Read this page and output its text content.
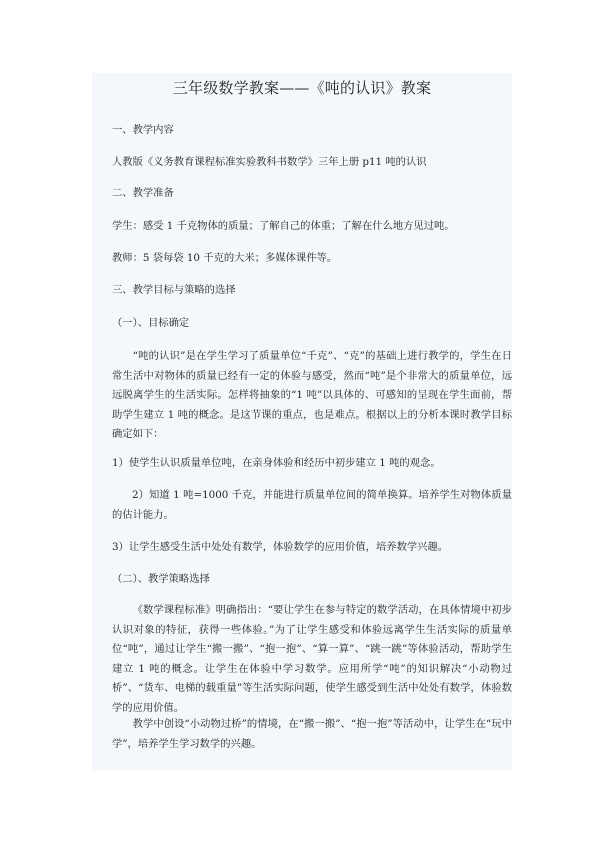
三年级数学教案——《吨的认识》教案
一、教学内容
人教版《义务教育课程标准实验教科书数学》三年上册 p11 吨的认识
二、教学准备
学生：感受 1 千克物体的质量；了解自己的体重；了解在什么地方见过吨。
教师：5 袋每袋 10 千克的大米；多媒体课件等。
三、教学目标与策略的选择
（一）、目标确定

“吨的认识”是在学生学习了质量单位“千克”、“克”的基础上进行教学的，学生在日常生活中对物体的质量已经有一定的体验与感受，然而“吨”是个非常大的质量单位，远远脱离学生的生活实际。怎样将抽象的“1 吨”以具体的、可感知的呈现在学生面前，帮助学生建立 1 吨的概念。是这节课的重点，也是难点。根据以上的分析本课时教学目标确定如下：

1）使学生认识质量单位吨，在亲身体验和经历中初步建立 1 吨的观念。

2）知道 1 吨=1000 千克，并能进行质量单位间的简单换算。培养学生对物体质量的估计能力。

3）让学生感受生活中处处有数学，体验数学的应用价值，培养数学兴趣。
（二）、教学策略选择

《数学课程标准》明确指出：“要让学生在参与特定的数学活动，在具体情境中初步认识对象的特征，获得一些体验。”为了让学生感受和体验远离学生生活实际的质量单位“吨”，通过让学生“搬一搬”、“抱一抱”、“算一算”、“跳一跳”等体验活动，帮助学生建立 1 吨的概念。让学生在体验中学习数学。应用所学“吨”的知识解决“小动物过桥”、“货车、电梯的载重量”等生活实际问题，使学生感受到生活中处处有数学，体验数学的应用价值。

教学中创设“小动物过桥”的情境，在“搬一搬”、“抱一抱”等活动中，让学生在“玩中学”，培养学生学习数学的兴趣。
